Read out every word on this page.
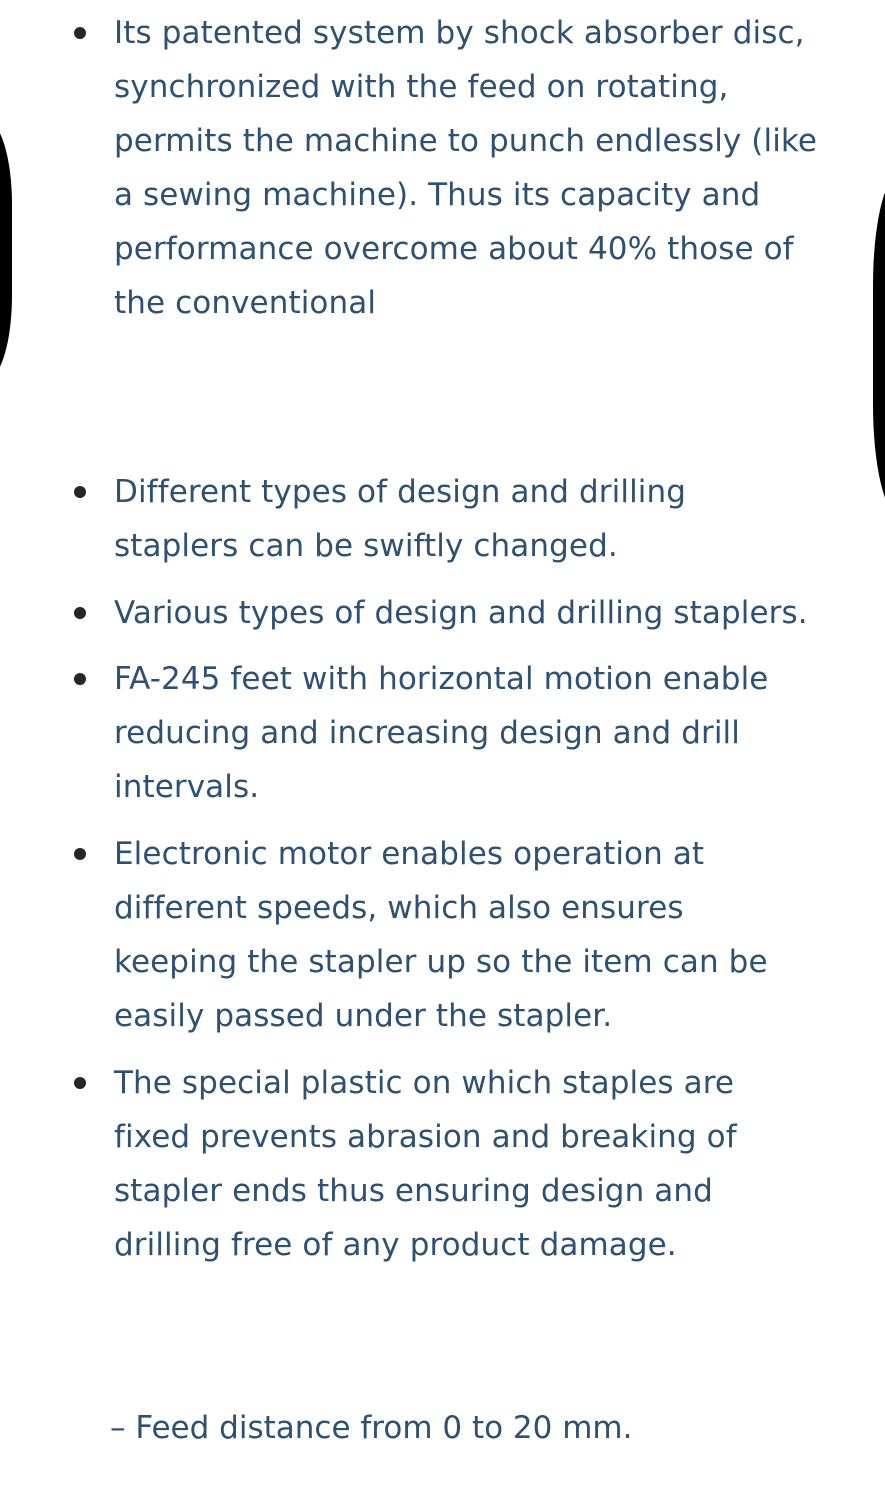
Its patented system by shock absorber disc, synchronized with the feed on rotating, permits the machine to punch endlessly (like a sewing machine). Thus its capacity and performance overcome about 40% those of the conventional
Different types of design and drilling staplers can be swiftly changed.
Various types of design and drilling staplers.
FA-245 feet with horizontal motion enable reducing and increasing design and drill intervals.
Electronic motor enables operation at different speeds, which also ensures keeping the stapler up so the item can be easily passed under the stapler.
The special plastic on which staples are fixed prevents abrasion and breaking of stapler ends thus ensuring design and drilling free of any product damage.
– Feed distance from 0 to 20 mm.
